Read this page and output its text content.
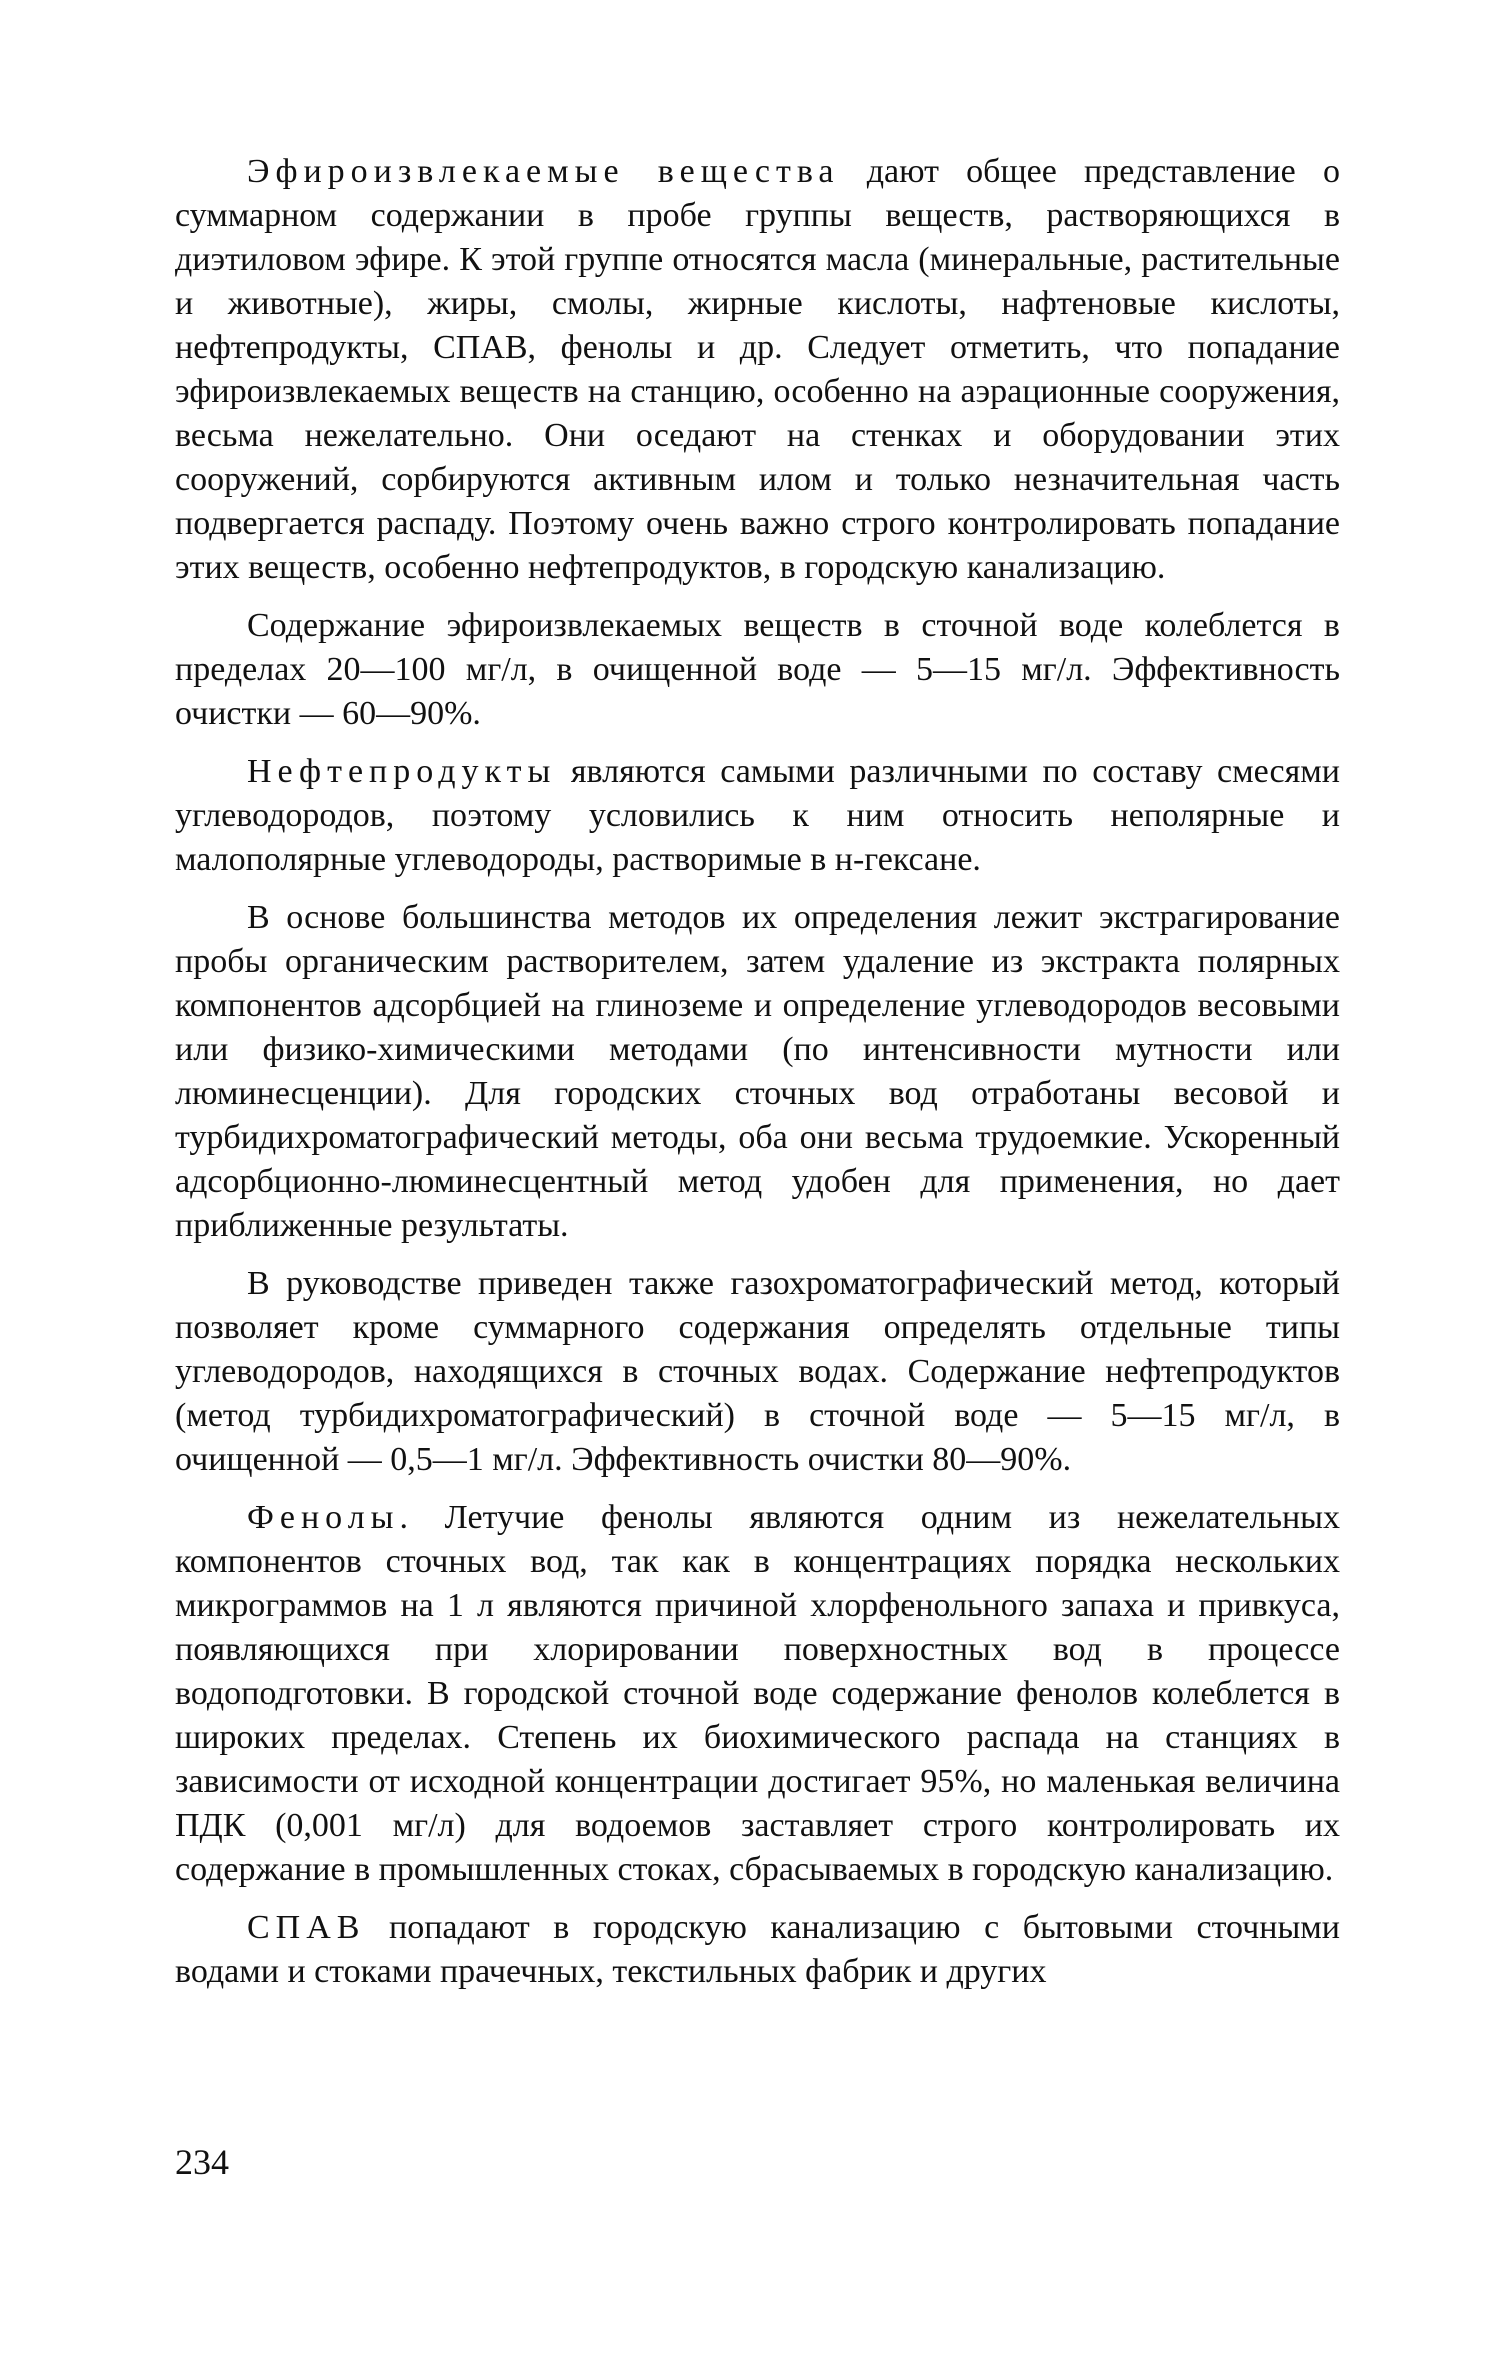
Эфироизвлекаемые вещества дают общее представление о суммарном содержании в пробе группы веществ, растворяющихся в диэтиловом эфире. К этой группе относятся масла (минеральные, растительные и животные), жиры, смолы, жирные кислоты, нафтеновые кислоты, нефтепродукты, СПАВ, фенолы и др. Следует отметить, что попадание эфироизвлекаемых веществ на станцию, особенно на аэрационные сооружения, весьма нежелательно. Они оседают на стенках и оборудовании этих сооружений, сорбируются активным илом и только незначительная часть подвергается распаду. Поэтому очень важно строго контролировать попадание этих веществ, особенно нефтепродуктов, в городскую канализацию.

Содержание эфироизвлекаемых веществ в сточной воде колеблется в пределах 20—100 мг/л, в очищенной воде — 5—15 мг/л. Эффективность очистки — 60—90%.

Нефтепродукты являются самыми различными по составу смесями углеводородов, поэтому условились к ним относить неполярные и малополярные углеводороды, растворимые в н-гексане.

В основе большинства методов их определения лежит экстрагирование пробы органическим растворителем, затем удаление из экстракта полярных компонентов адсорбцией на глиноземе и определение углеводородов весовыми или физико-химическими методами (по интенсивности мутности или люминесценции). Для городских сточных вод отработаны весовой и турбидихроматографический методы, оба они весьма трудоемкие. Ускоренный адсорбционно-люминесцентный метод удобен для применения, но дает приближенные результаты.

В руководстве приведен также газохроматографический метод, который позволяет кроме суммарного содержания определять отдельные типы углеводородов, находящихся в сточных водах. Содержание нефтепродуктов (метод турбидихроматографический) в сточной воде — 5—15 мг/л, в очищенной — 0,5—1 мг/л. Эффективность очистки 80—90%.

Фенолы. Летучие фенолы являются одним из нежелательных компонентов сточных вод, так как в концентрациях порядка нескольких микрограммов на 1 л являются причиной хлорфенольного запаха и привкуса, появляющихся при хлорировании поверхностных вод в процессе водоподготовки. В городской сточной воде содержание фенолов колеблется в широких пределах. Степень их биохимического распада на станциях в зависимости от исходной концентрации достигает 95%, но маленькая величина ПДК (0,001 мг/л) для водоемов заставляет строго контролировать их содержание в промышленных стоках, сбрасываемых в городскую канализацию.

СПАВ попадают в городскую канализацию с бытовыми сточными водами и стоками прачечных, текстильных фабрик и других

234
